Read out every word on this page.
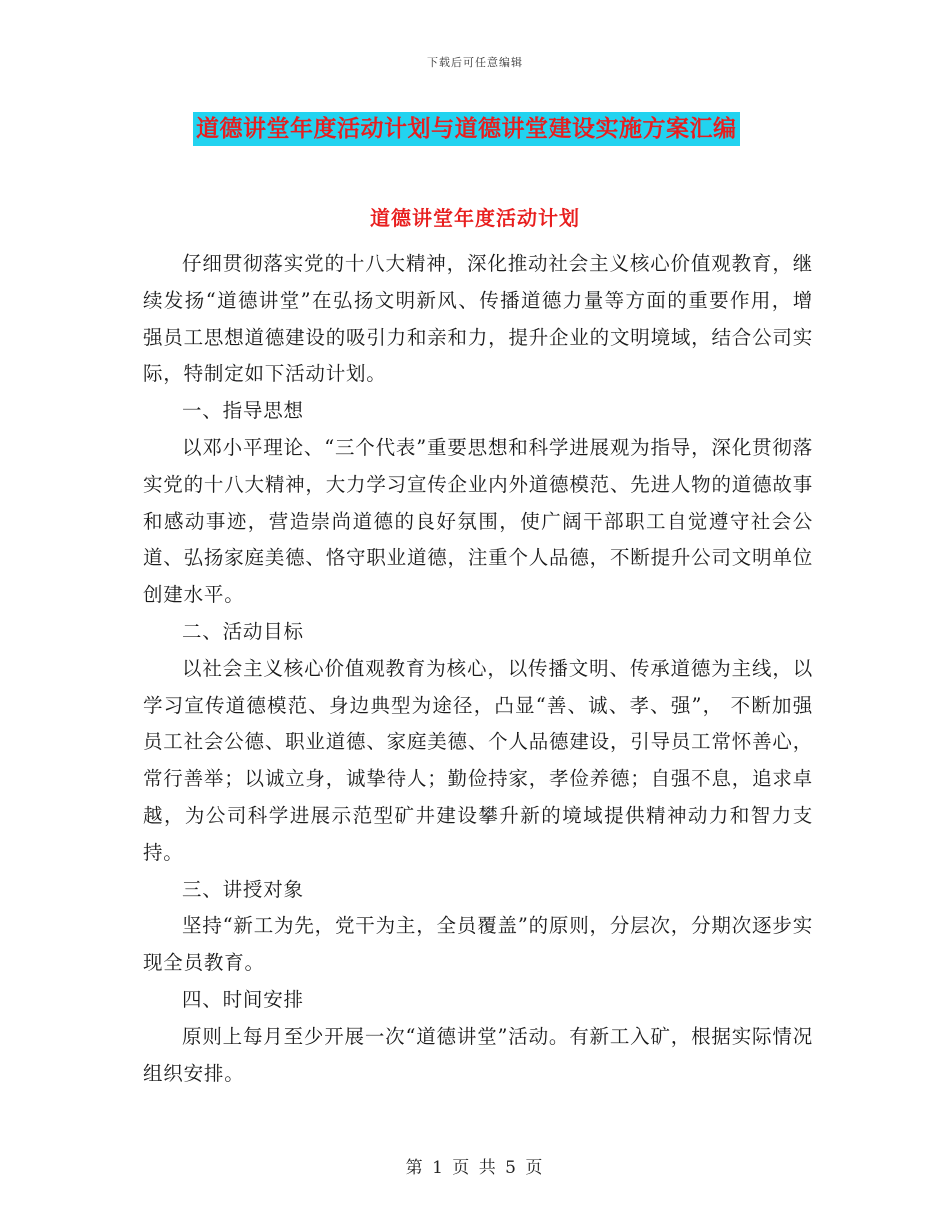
下载后可任意编辑
道德讲堂年度活动计划与道德讲堂建设实施方案汇编
道德讲堂年度活动计划

仔细贯彻落实党的十八大精神，深化推动社会主义核心价值观教育，继续发扬“道德讲堂”在弘扬文明新风、传播道德力量等方面的重要作用，增强员工思想道德建设的吸引力和亲和力，提升企业的文明境域，结合公司实际，特制定如下活动计划。

一、指导思想

以邓小平理论、“三个代表”重要思想和科学进展观为指导，深化贯彻落实党的十八大精神，大力学习宣传企业内外道德模范、先进人物的道德故事和感动事迹，营造崇尚道德的良好氛围，使广阔干部职工自觉遵守社会公道、弘扬家庭美德、恪守职业道德，注重个人品德，不断提升公司文明单位创建水平。

二、活动目标

以社会主义核心价值观教育为核心，以传播文明、传承道德为主线，以学习宣传道德模范、身边典型为途径，凸显“善、诚、孝、强”， 不断加强员工社会公德、职业道德、家庭美德、个人品德建设，引导员工常怀善心，常行善举；以诚立身，诚挚待人；勤俭持家，孝俭养德；自强不息，追求卓越，为公司科学进展示范型矿井建设攀升新的境域提供精神动力和智力支持。

三、讲授对象

坚持“新工为先，党干为主，全员覆盖”的原则，分层次，分期次逐步实现全员教育。

四、时间安排

原则上每月至少开展一次“道德讲堂”活动。有新工入矿，根据实际情况组织安排。

第 1 页 共 5 页
